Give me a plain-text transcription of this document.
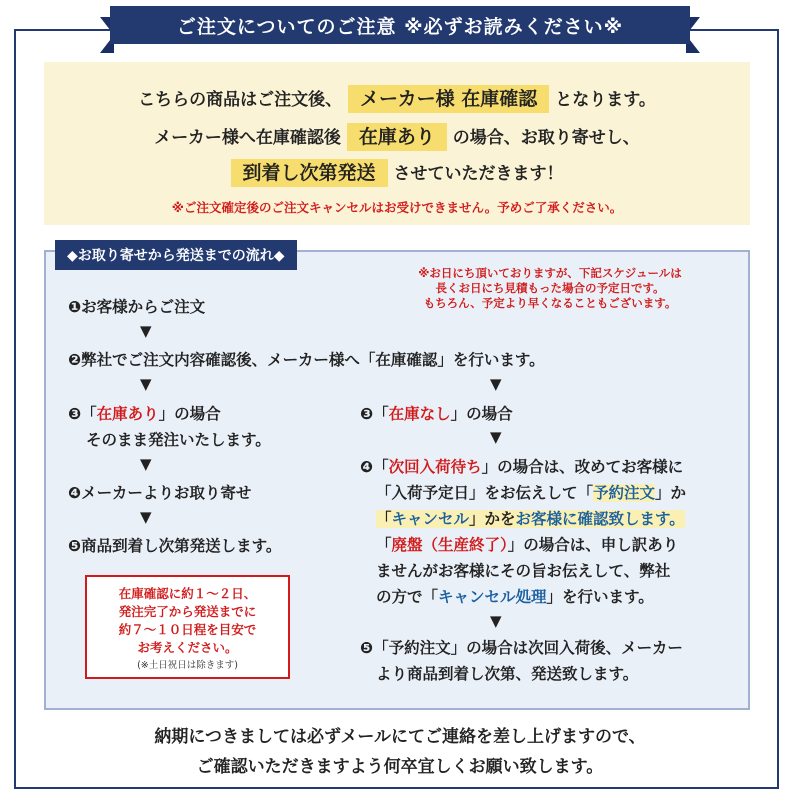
ご注文についてのご注意 ※必ずお読みください※
こちらの商品はご注文後、 メーカー様 在庫確認 となります。
メーカー様へ在庫確認後 在庫あり の場合、お取り寄せし、
到着し次第発送 させていただきます！
※ご注文確定後のご注文キャンセルはお受けできません。予めご了承ください。
◆お取り寄せから発送までの流れ◆
※お日にち頂いておりますが、下記スケジュールは
長くお日にち見積もった場合の予定日です。
もちろん、予定より早くなることもございます。
❶お客様からご注文
▼
❷弊社でご注文内容確認後、メーカー様へ「在庫確認」を行います。
▼	▼
❸「在庫あり」の場合
そのまま発注いたします。
▼
❹メーカーよりお取り寄せ
▼
❺商品到着し次第発送します。
❸「在庫なし」の場合
▼
❹「次回入荷待ち」の場合は、改めてお客様に
「入荷予定日」をお伝えして「予約注文」か
「キャンセル」かをお客様に確認致します。
「廃盤（生産終了）」の場合は、申し訳あり
ませんがお客様にその旨お伝えして、弊社
の方で「キャンセル処理」を行います。
▼
❺「予約注文」の場合は次回入荷後、メーカー
より商品到着し次第、発送致します。
在庫確認に約１～２日、
発注完了から発送までに
約７～１０日程を目安で
お考えください。
(※土日祝日は除きます)
納期につきましては必ずメールにてご連絡を差し上げますので、
ご確認いただきますよう何卒宜しくお願い致します。
